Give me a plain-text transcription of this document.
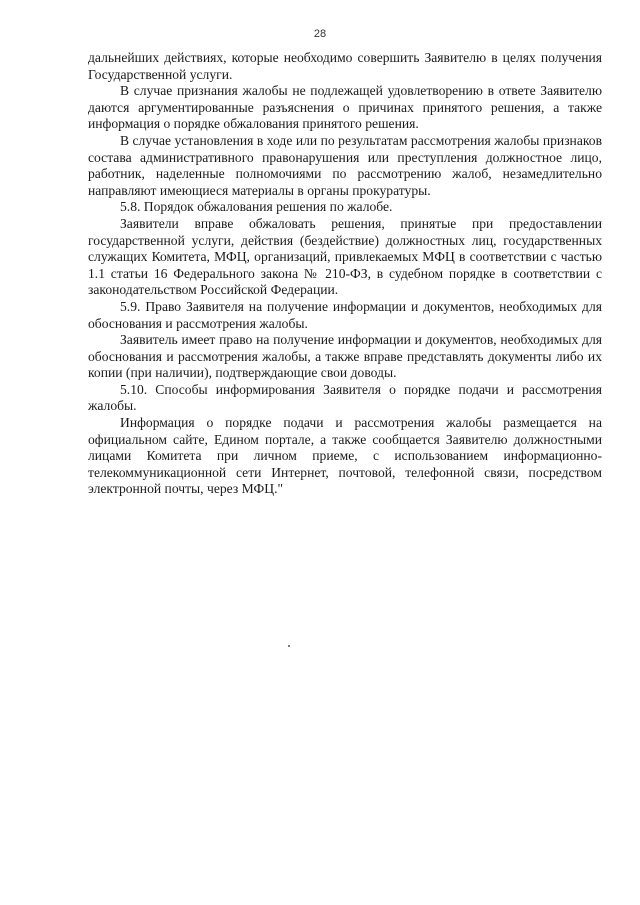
28

дальнейших действиях, которые необходимо совершить Заявителю в целях получения Государственной услуги.

В случае признания жалобы не подлежащей удовлетворению в ответе Заявителю даются аргументированные разъяснения о причинах принятого решения, а также информация о порядке обжалования принятого решения.

В случае установления в ходе или по результатам рассмотрения жалобы признаков состава административного правонарушения или преступления должностное лицо, работник, наделенные полномочиями по рассмотрению жалоб, незамедлительно направляют имеющиеся материалы в органы прокуратуры.

5.8. Порядок обжалования решения по жалобе.

Заявители вправе обжаловать решения, принятые при предоставлении государственной услуги, действия (бездействие) должностных лиц, государственных служащих Комитета, МФЦ, организаций, привлекаемых МФЦ в соответствии с частью 1.1 статьи 16 Федерального закона № 210-ФЗ, в судебном порядке в соответствии с законодательством Российской Федерации.

5.9. Право Заявителя на получение информации и документов, необходимых для обоснования и рассмотрения жалобы.

Заявитель имеет право на получение информации и документов, необходимых для обоснования и рассмотрения жалобы, а также вправе представлять документы либо их копии (при наличии), подтверждающие свои доводы.

5.10. Способы информирования Заявителя о порядке подачи и рассмотрения жалобы.

Информация о порядке подачи и рассмотрения жалобы размещается на официальном сайте, Едином портале, а также сообщается Заявителю должностными лицами Комитета при личном приеме, с использованием информационно-телекоммуникационной сети Интернет, почтовой, телефонной связи, посредством электронной почты, через МФЦ."
